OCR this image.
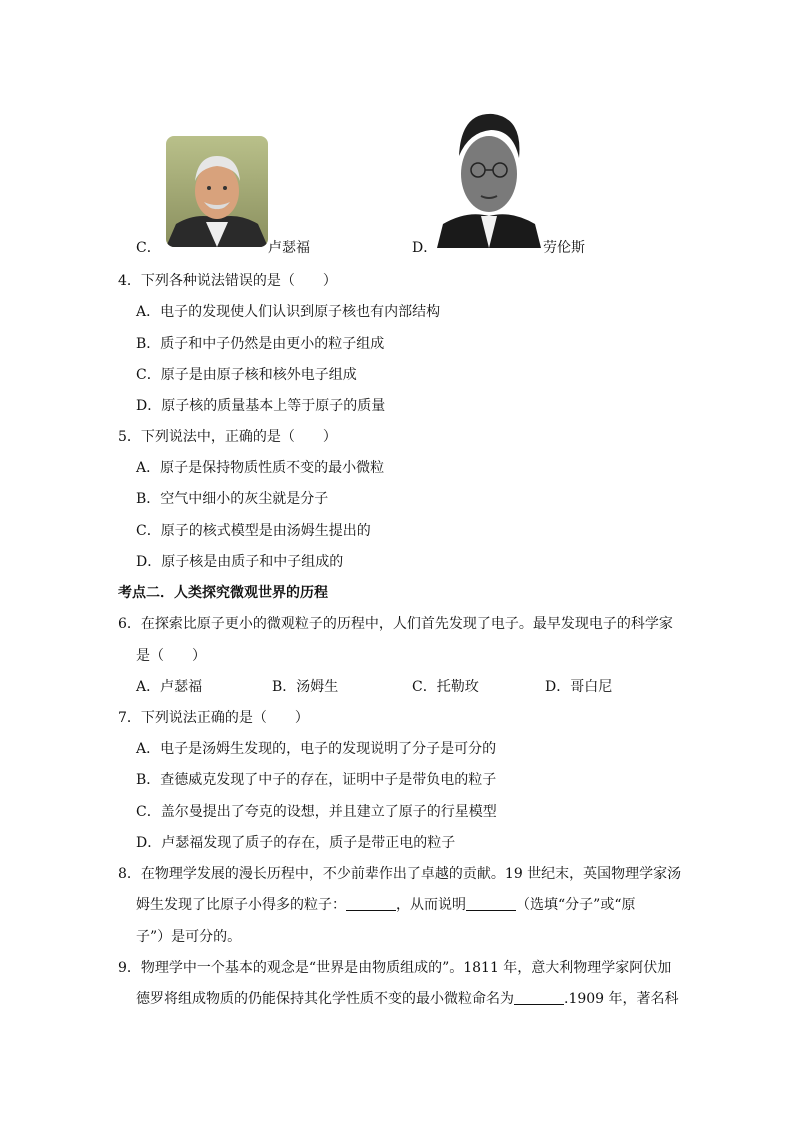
C．	卢瑟福	D．	劳伦斯
4．下列各种说法错误的是（　　）
A．电子的发现使人们认识到原子核也有内部结构
B．质子和中子仍然是由更小的粒子组成
C．原子是由原子核和核外电子组成
D．原子核的质量基本上等于原子的质量
5．下列说法中，正确的是（　　）
A．原子是保持物质性质不变的最小微粒
B．空气中细小的灰尘就是分子
C．原子的核式模型是由汤姆生提出的
D．原子核是由质子和中子组成的
考点二．人类探究微观世界的历程
6．在探索比原子更小的微观粒子的历程中，人们首先发现了电子。最早发现电子的科学家
是（　　）
A．卢瑟福	B．汤姆生	C．托勒玫	D．哥白尼
7．下列说法正确的是（　　）
A．电子是汤姆生发现的，电子的发现说明了分子是可分的
B．查德威克发现了中子的存在，证明中子是带负电的粒子
C．盖尔曼提出了夸克的设想，并且建立了原子的行星模型
D．卢瑟福发现了质子的存在，质子是带正电的粒子
8．在物理学发展的漫长历程中，不少前辈作出了卓越的贡献。19 世纪末，英国物理学家汤
姆生发现了比原子小得多的粒子：	，从而说明	（选填“分子”或“原
子”）是可分的。
9．物理学中一个基本的观念是“世界是由物质组成的”。1811 年，意大利物理学家阿伏加
德罗将组成物质的仍能保持其化学性质不变的最小微粒命名为	.1909 年，著名科
